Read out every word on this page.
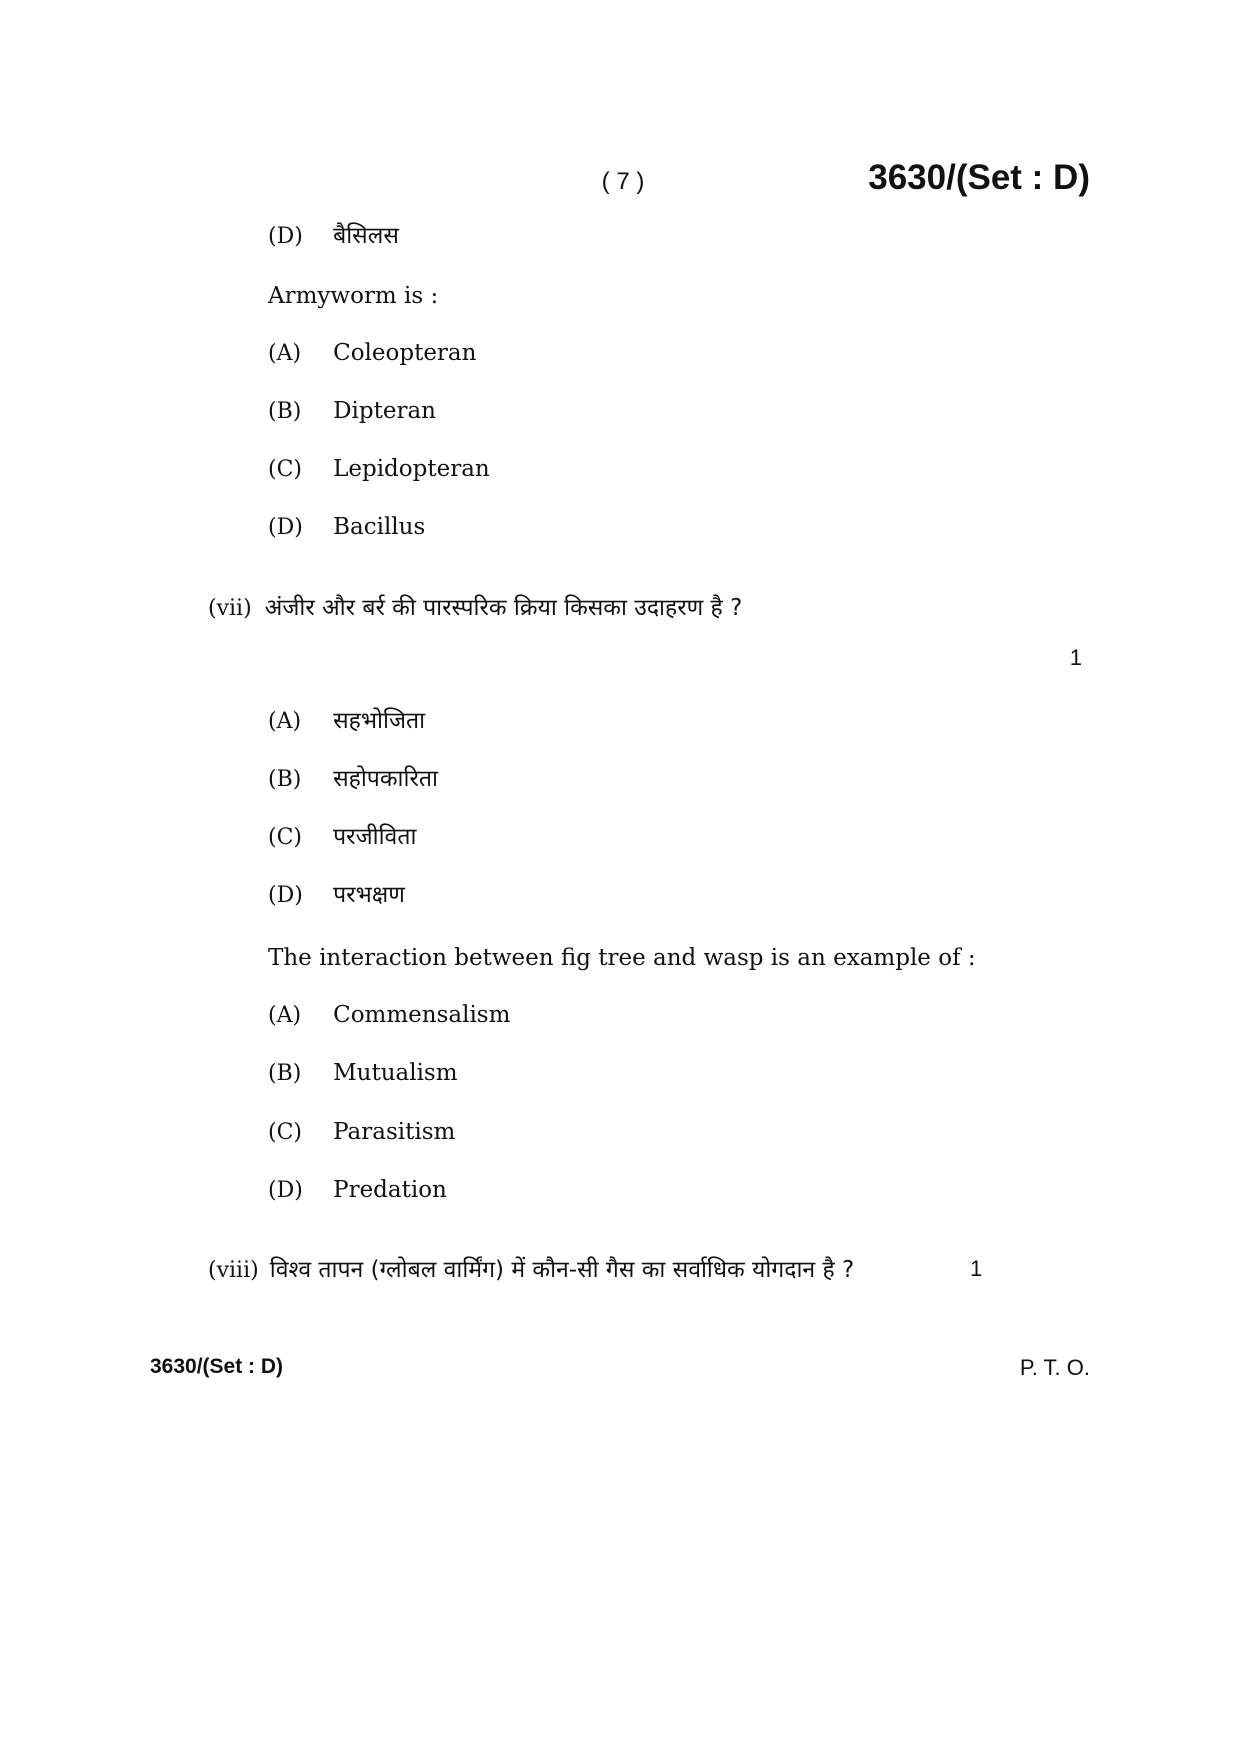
( 7 )	3630/(Set : D)
(D) बैसिलस
Armyworm is :
(A) Coleopteran
(B) Dipteran
(C) Lepidopteran
(D) Bacillus
(vii) अंजीर और बर्र की पारस्परिक क्रिया किसका उदाहरण है ?
1
(A) सहभोजिता
(B) सहोपकारिता
(C) परजीविता
(D) परभक्षण
The interaction between fig tree and wasp is an example of :
(A) Commensalism
(B) Mutualism
(C) Parasitism
(D) Predation
(viii) विश्व तापन (ग्लोबल वार्मिंग) में कौन-सी गैस का सर्वाधिक योगदान है ?	1
3630/(Set : D)	P. T. O.
